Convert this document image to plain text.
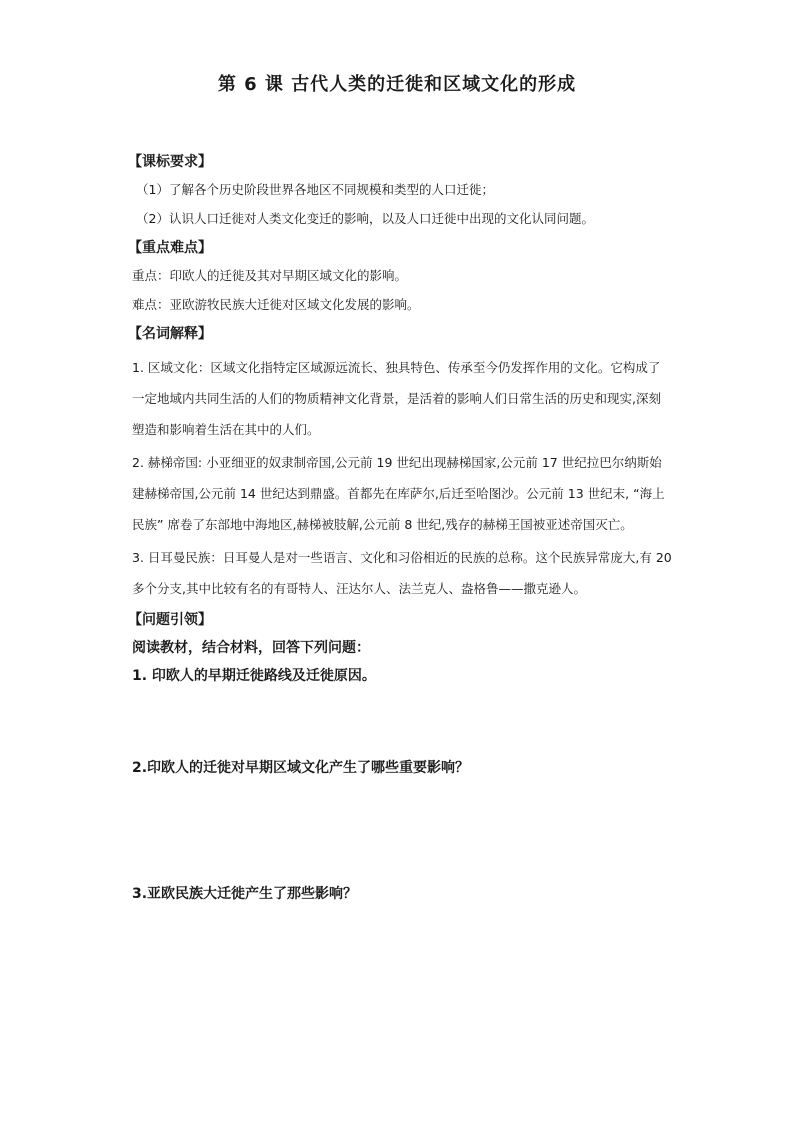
第 6 课 古代人类的迁徙和区域文化的形成
【课标要求】
（1）了解各个历史阶段世界各地区不同规模和类型的人口迁徙；
（2）认识人口迁徙对人类文化变迁的影响，以及人口迁徙中出现的文化认同问题。
【重点难点】
重点：印欧人的迁徙及其对早期区域文化的影响。
难点：亚欧游牧民族大迁徙对区域文化发展的影响。
【名词解释】
1. 区域文化：区域文化指特定区域源远流长、独具特色、传承至今仍发挥作用的文化。它构成了一定地域内共同生活的人们的物质精神文化背景，是活着的影响人们日常生活的历史和现实,深刻塑造和影响着生活在其中的人们。
2. 赫梯帝国: 小亚细亚的奴隶制帝国,公元前 19 世纪出现赫梯国家,公元前 17 世纪拉巴尔纳斯始建赫梯帝国,公元前 14 世纪达到鼎盛。首都先在库萨尔,后迁至哈图沙。公元前 13 世纪末, “海上民族” 席卷了东部地中海地区,赫梯被肢解,公元前 8 世纪,残存的赫梯王国被亚述帝国灭亡。
3. 日耳曼民族：日耳曼人是对一些语言、文化和习俗相近的民族的总称。这个民族异常庞大,有 20 多个分支,其中比较有名的有哥特人、汪达尔人、法兰克人、盎格鲁——撒克逊人。
【问题引领】
阅读教材，结合材料，回答下列问题：
1. 印欧人的早期迁徙路线及迁徙原因。
2.印欧人的迁徙对早期区域文化产生了哪些重要影响？
3.亚欧民族大迁徙产生了那些影响？
